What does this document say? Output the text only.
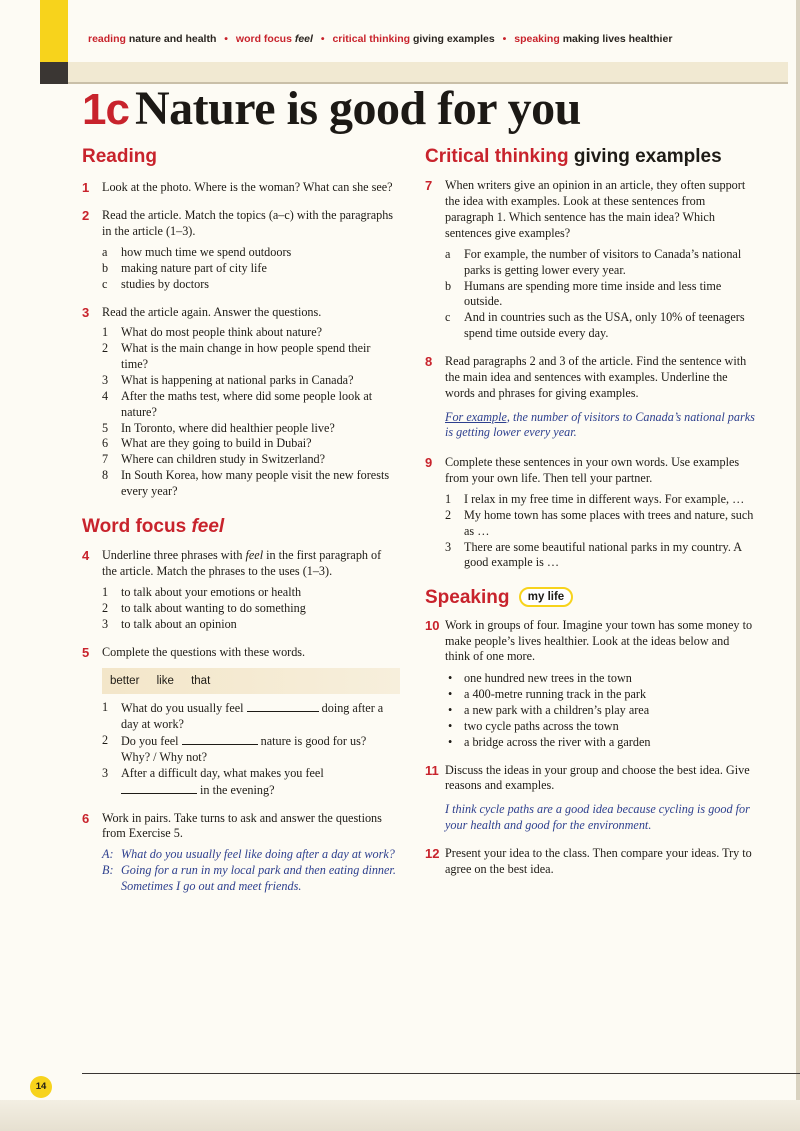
reading nature and health • word focus feel • critical thinking giving examples • speaking making lives healthier
1c Nature is good for you
Reading
1 Look at the photo. Where is the woman? What can she see?
2 Read the article. Match the topics (a–c) with the paragraphs in the article (1–3).
a how much time we spend outdoors
b making nature part of city life
c studies by doctors
3 Read the article again. Answer the questions.
1 What do most people think about nature?
2 What is the main change in how people spend their time?
3 What is happening at national parks in Canada?
4 After the maths test, where did some people look at nature?
5 In Toronto, where did healthier people live?
6 What are they going to build in Dubai?
7 Where can children study in Switzerland?
8 In South Korea, how many people visit the new forests every year?
Word focus feel
4 Underline three phrases with feel in the first paragraph of the article. Match the phrases to the uses (1–3).
1 to talk about your emotions or health
2 to talk about wanting to do something
3 to talk about an opinion
5 Complete the questions with these words.
better like that
1 What do you usually feel	doing after a day at work?
2 Do you feel	nature is good for us? Why? / Why not?
3 After a difficult day, what makes you feel  in the evening?
6 Work in pairs. Take turns to ask and answer the questions from Exercise 5.
A: What do you usually feel like doing after a day at work?
B: Going for a run in my local park and then eating dinner. Sometimes I go out and meet friends.
Critical thinking giving examples
7 When writers give an opinion in an article, they often support the idea with examples. Look at these sentences from paragraph 1. Which sentence has the main idea? Which sentences give examples?
a For example, the number of visitors to Canada’s national parks is getting lower every year.
b Humans are spending more time inside and less time outside.
c And in countries such as the USA, only 10% of teenagers spend time outside every day.
8 Read paragraphs 2 and 3 of the article. Find the sentence with the main idea and sentences with examples. Underline the words and phrases for giving examples.

For example, the number of visitors to Canada’s national parks is getting lower every year.

9 Complete these sentences in your own words. Use examples from your own life. Then tell your partner.
1 I relax in my free time in different ways. For example, …
2 My home town has some places with trees and nature, such as …
3 There are some beautiful national parks in my country. A good example is …
Speaking my life
10 Work in groups of four. Imagine your town has some money to make people’s lives healthier. Look at the ideas below and think of one more.
• one hundred new trees in the town
• a 400-metre running track in the park
• a new park with a children’s play area
• two cycle paths across the town
• a bridge across the river with a garden
11 Discuss the ideas in your group and choose the best idea. Give reasons and examples.

I think cycle paths are a good idea because cycling is good for your health and good for the environment.

12 Present your idea to the class. Then compare your ideas. Try to agree on the best idea.
14
